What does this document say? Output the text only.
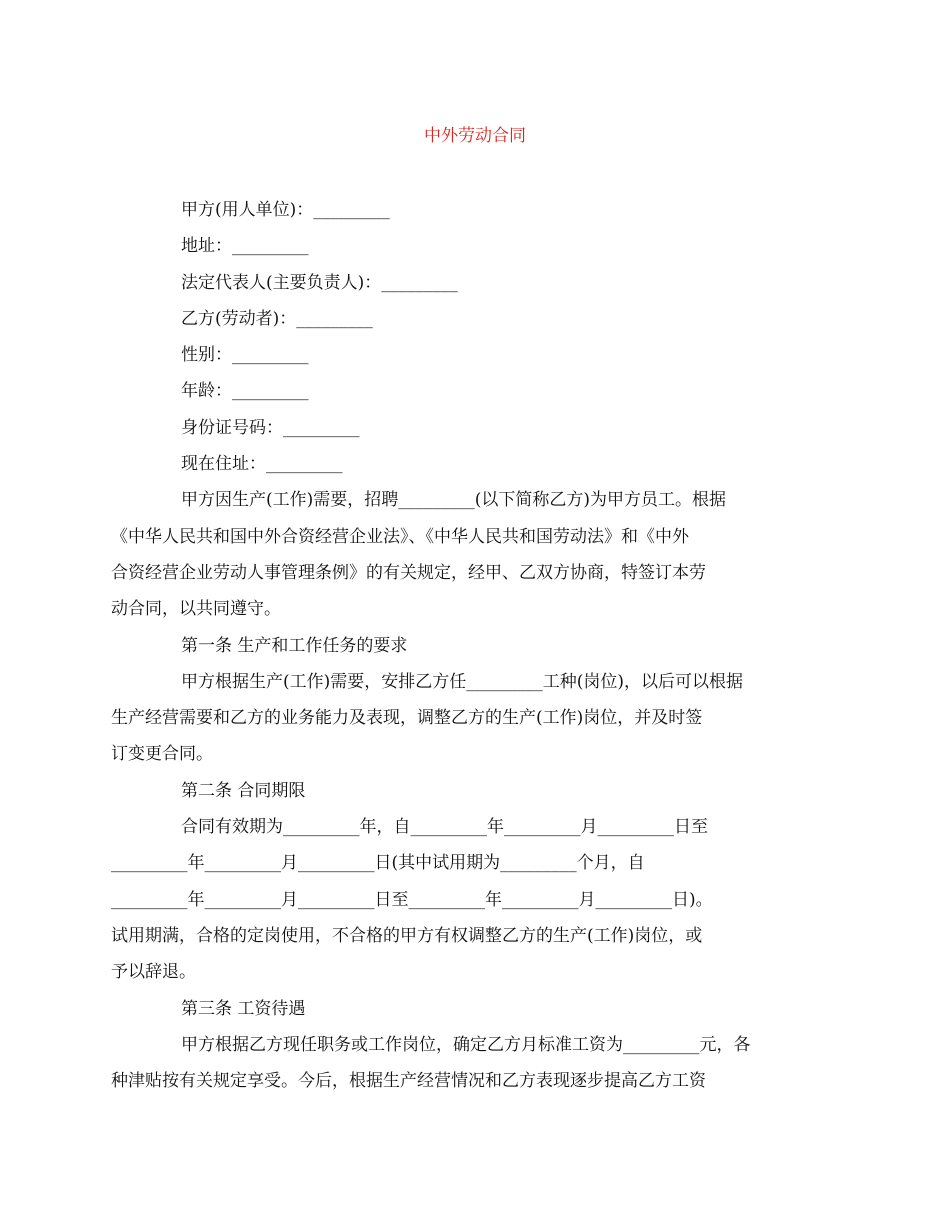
中外劳动合同

甲方(用人单位)：_________

地址：_________

法定代表人(主要负责人)：_________

乙方(劳动者)：_________

性别：_________

年龄：_________

身份证号码：_________

现在住址：_________

甲方因生产(工作)需要，招聘_________(以下简称乙方)为甲方员工。根据

《中华人民共和国中外合资经营企业法》、《中华人民共和国劳动法》和《中外

合资经营企业劳动人事管理条例》的有关规定，经甲、乙双方协商，特签订本劳

动合同，以共同遵守。

第一条 生产和工作任务的要求

甲方根据生产(工作)需要，安排乙方任_________工种(岗位)，以后可以根据

生产经营需要和乙方的业务能力及表现，调整乙方的生产(工作)岗位，并及时签

订变更合同。

第二条 合同期限

合同有效期为_________年，自_________年_________月_________日至

_________年_________月_________日(其中试用期为_________个月，自

_________年_________月_________日至_________年_________月_________日)。

试用期满，合格的定岗使用，不合格的甲方有权调整乙方的生产(工作)岗位，或

予以辞退。

第三条 工资待遇

甲方根据乙方现任职务或工作岗位，确定乙方月标准工资为_________元，各

种津贴按有关规定享受。今后，根据生产经营情况和乙方表现逐步提高乙方工资
